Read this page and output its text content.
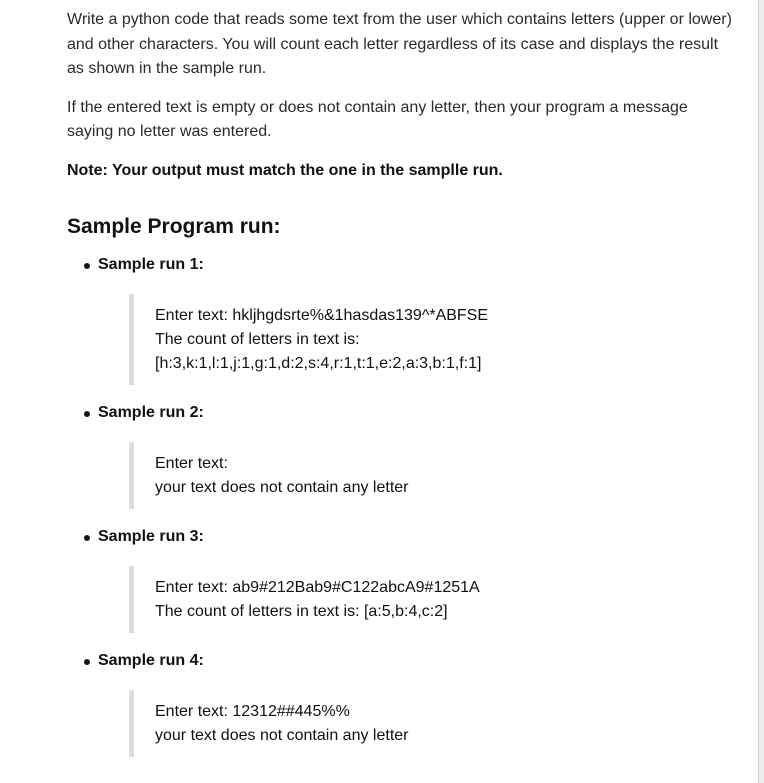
Write a python code that reads some text from the user which contains letters (upper or lower) and other characters. You will count each letter regardless of its case and displays the result as shown in the sample run.

If the entered text is empty or does not contain any letter, then your program a message saying no letter was entered.

Note: Your output must match the one in the samplle run.

Sample Program run:
Sample run 1:
Enter text: hkljhgdsrte%&1hasdas139^*ABFSE
The count of letters in text is:
[h:3,k:1,l:1,j:1,g:1,d:2,s:4,r:1,t:1,e:2,a:3,b:1,f:1]
Sample run 2:
Enter text:
your text does not contain any letter
Sample run 3:
Enter text: ab9#212Bab9#C122abcA9#1251A
The count of letters in text is: [a:5,b:4,c:2]
Sample run 4:
Enter text: 12312##445%%
your text does not contain any letter
